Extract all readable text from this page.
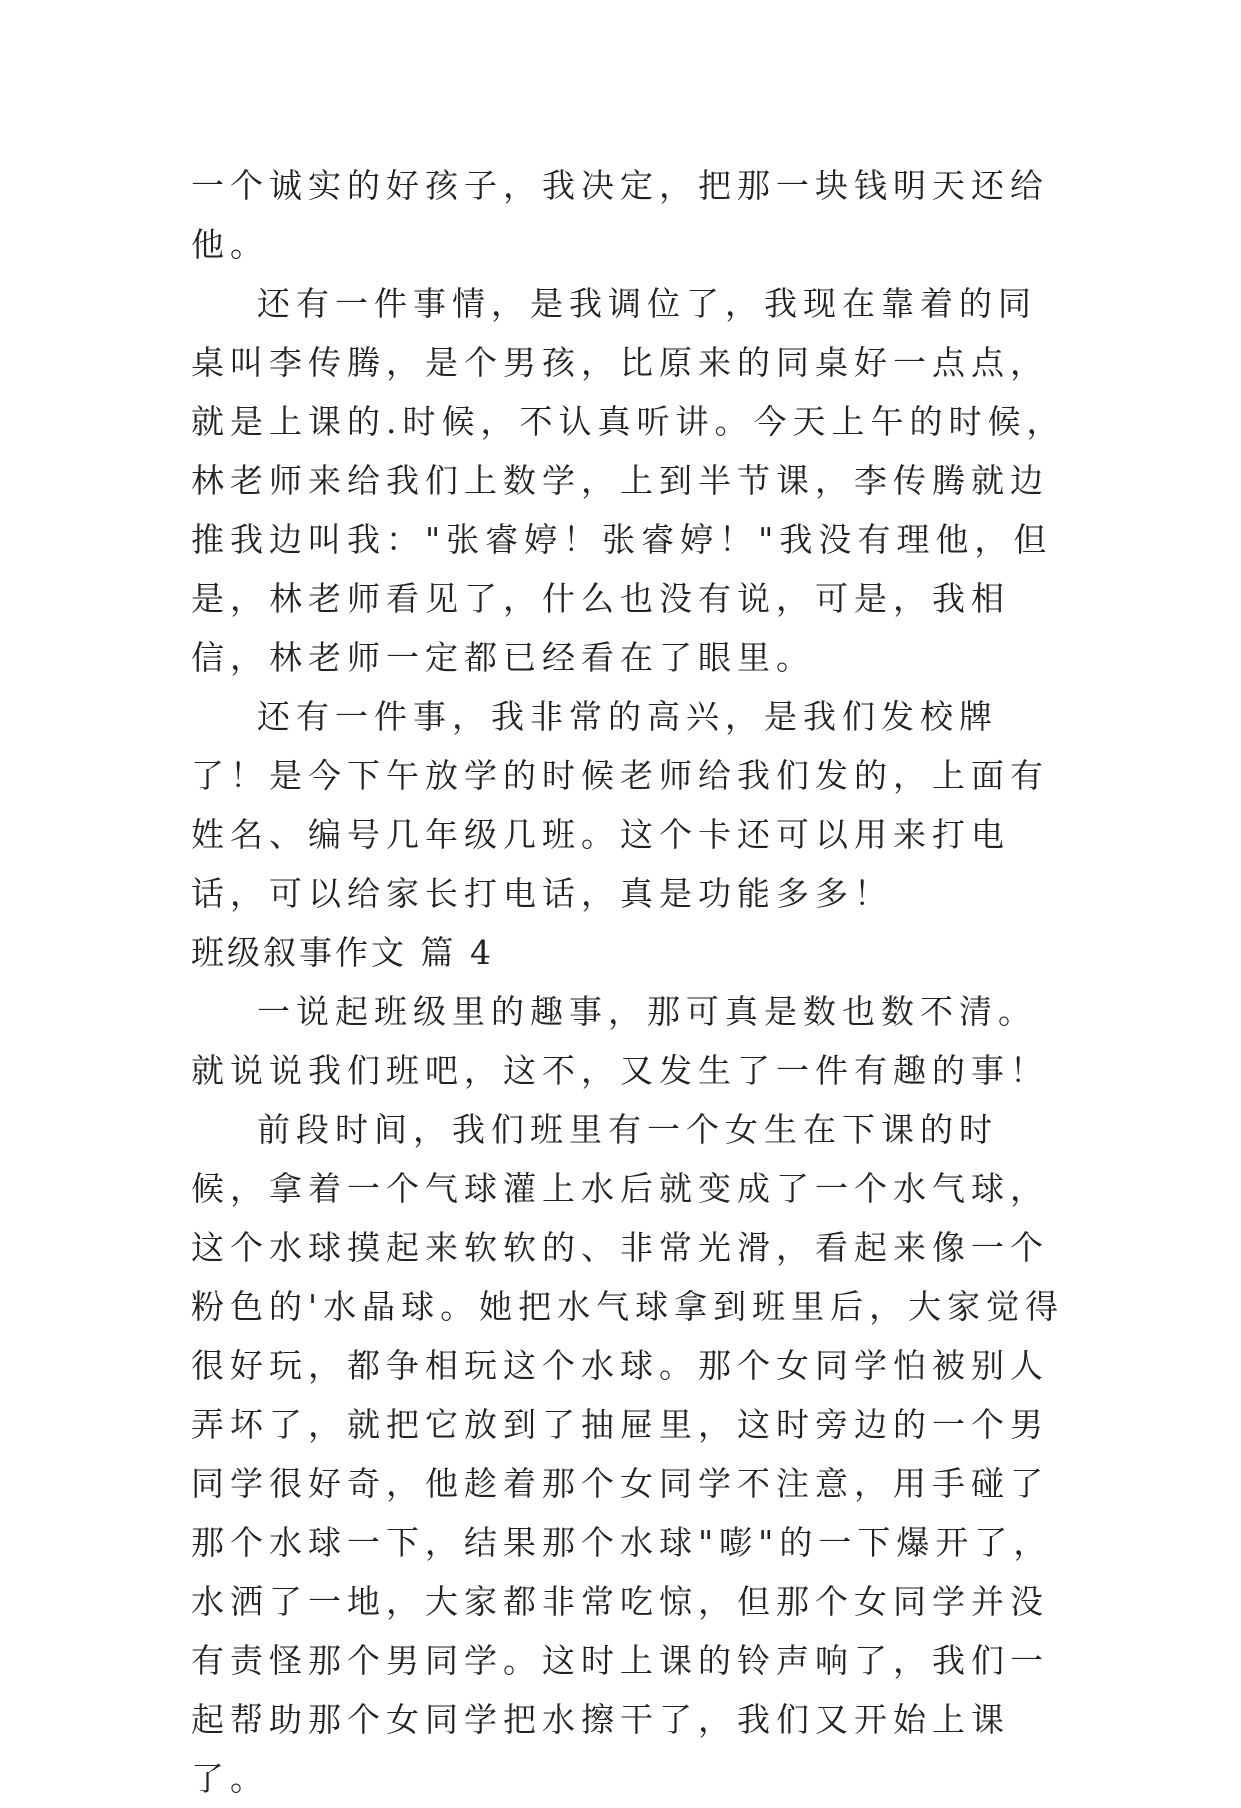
一个诚实的好孩子，我决定，把那一块钱明天还给他。

还有一件事情，是我调位了，我现在靠着的同桌叫李传腾，是个男孩，比原来的同桌好一点点，就是上课的.时候，不认真听讲。今天上午的时候，林老师来给我们上数学，上到半节课，李传腾就边推我边叫我："张睿婷！张睿婷！"我没有理他，但是，林老师看见了，什么也没有说，可是，我相信，林老师一定都已经看在了眼里。

还有一件事，我非常的高兴，是我们发校牌了！是今下午放学的时候老师给我们发的，上面有姓名、编号几年级几班。这个卡还可以用来打电话，可以给家长打电话，真是功能多多！

班级叙事作文 篇 4

一说起班级里的趣事，那可真是数也数不清。就说说我们班吧，这不，又发生了一件有趣的事！

前段时间，我们班里有一个女生在下课的时候，拿着一个气球灌上水后就变成了一个水气球，这个水球摸起来软软的、非常光滑，看起来像一个粉色的'水晶球。她把水气球拿到班里后，大家觉得很好玩，都争相玩这个水球。那个女同学怕被别人弄坏了，就把它放到了抽屉里，这时旁边的一个男同学很好奇，他趁着那个女同学不注意，用手碰了那个水球一下，结果那个水球"嘭"的一下爆开了，水洒了一地，大家都非常吃惊，但那个女同学并没有责怪那个男同学。这时上课的铃声响了，我们一起帮助那个女同学把水擦干了，我们又开始上课了。
